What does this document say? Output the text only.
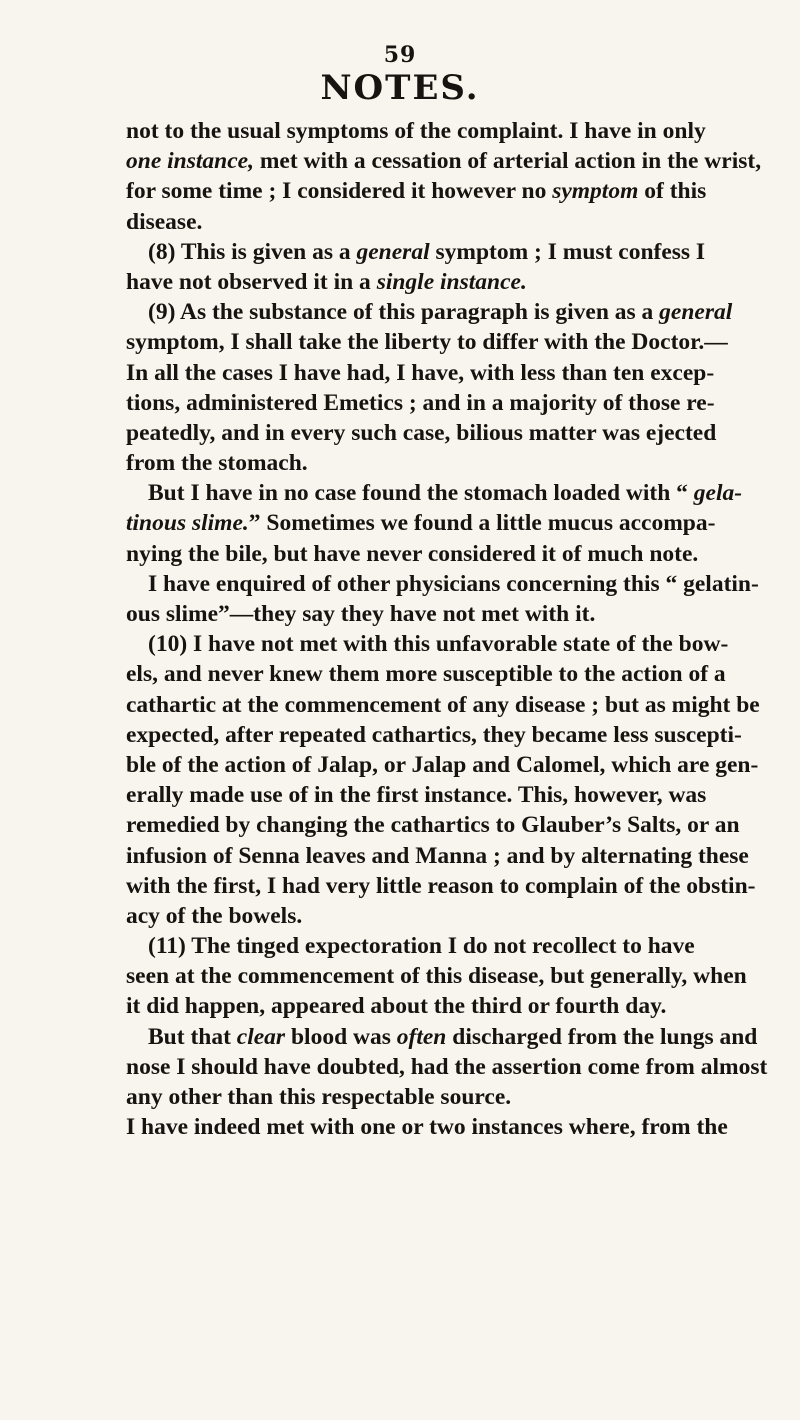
59
NOTES.
not to the usual symptoms of the complaint. I have in only
one instance, met with a cessation of arterial action in the wrist,
for some time ; I considered it however no symptom of this
disease.
(8) This is given as a general symptom ; I must confess I
have not observed it in a single instance.
(9) As the substance of this paragraph is given as a general
symptom, I shall take the liberty to differ with the Doctor.—
In all the cases I have had, I have, with less than ten excep-
tions, administered Emetics ; and in a majority of those re-
peatedly, and in every such case, bilious matter was ejected
from the stomach.
But I have in no case found the stomach loaded with “ gela-
tinous slime.” Sometimes we found a little mucus accompa-
nying the bile, but have never considered it of much note.
I have enquired of other physicians concerning this “ gelatin-
ous slime”—they say they have not met with it.
(10) I have not met with this unfavorable state of the bow-
els, and never knew them more susceptible to the action of a
cathartic at the commencement of any disease ; but as might be
expected, after repeated cathartics, they became less suscepti-
ble of the action of Jalap, or Jalap and Calomel, which are gen-
erally made use of in the first instance. This, however, was
remedied by changing the cathartics to Glauber’s Salts, or an
infusion of Senna leaves and Manna ; and by alternating these
with the first, I had very little reason to complain of the obstin-
acy of the bowels.
(11) The tinged expectoration I do not recollect to have
seen at the commencement of this disease, but generally, when
it did happen, appeared about the third or fourth day.
But that clear blood was often discharged from the lungs and
nose I should have doubted, had the assertion come from almost
any other than this respectable source.
I have indeed met with one or two instances where, from the
